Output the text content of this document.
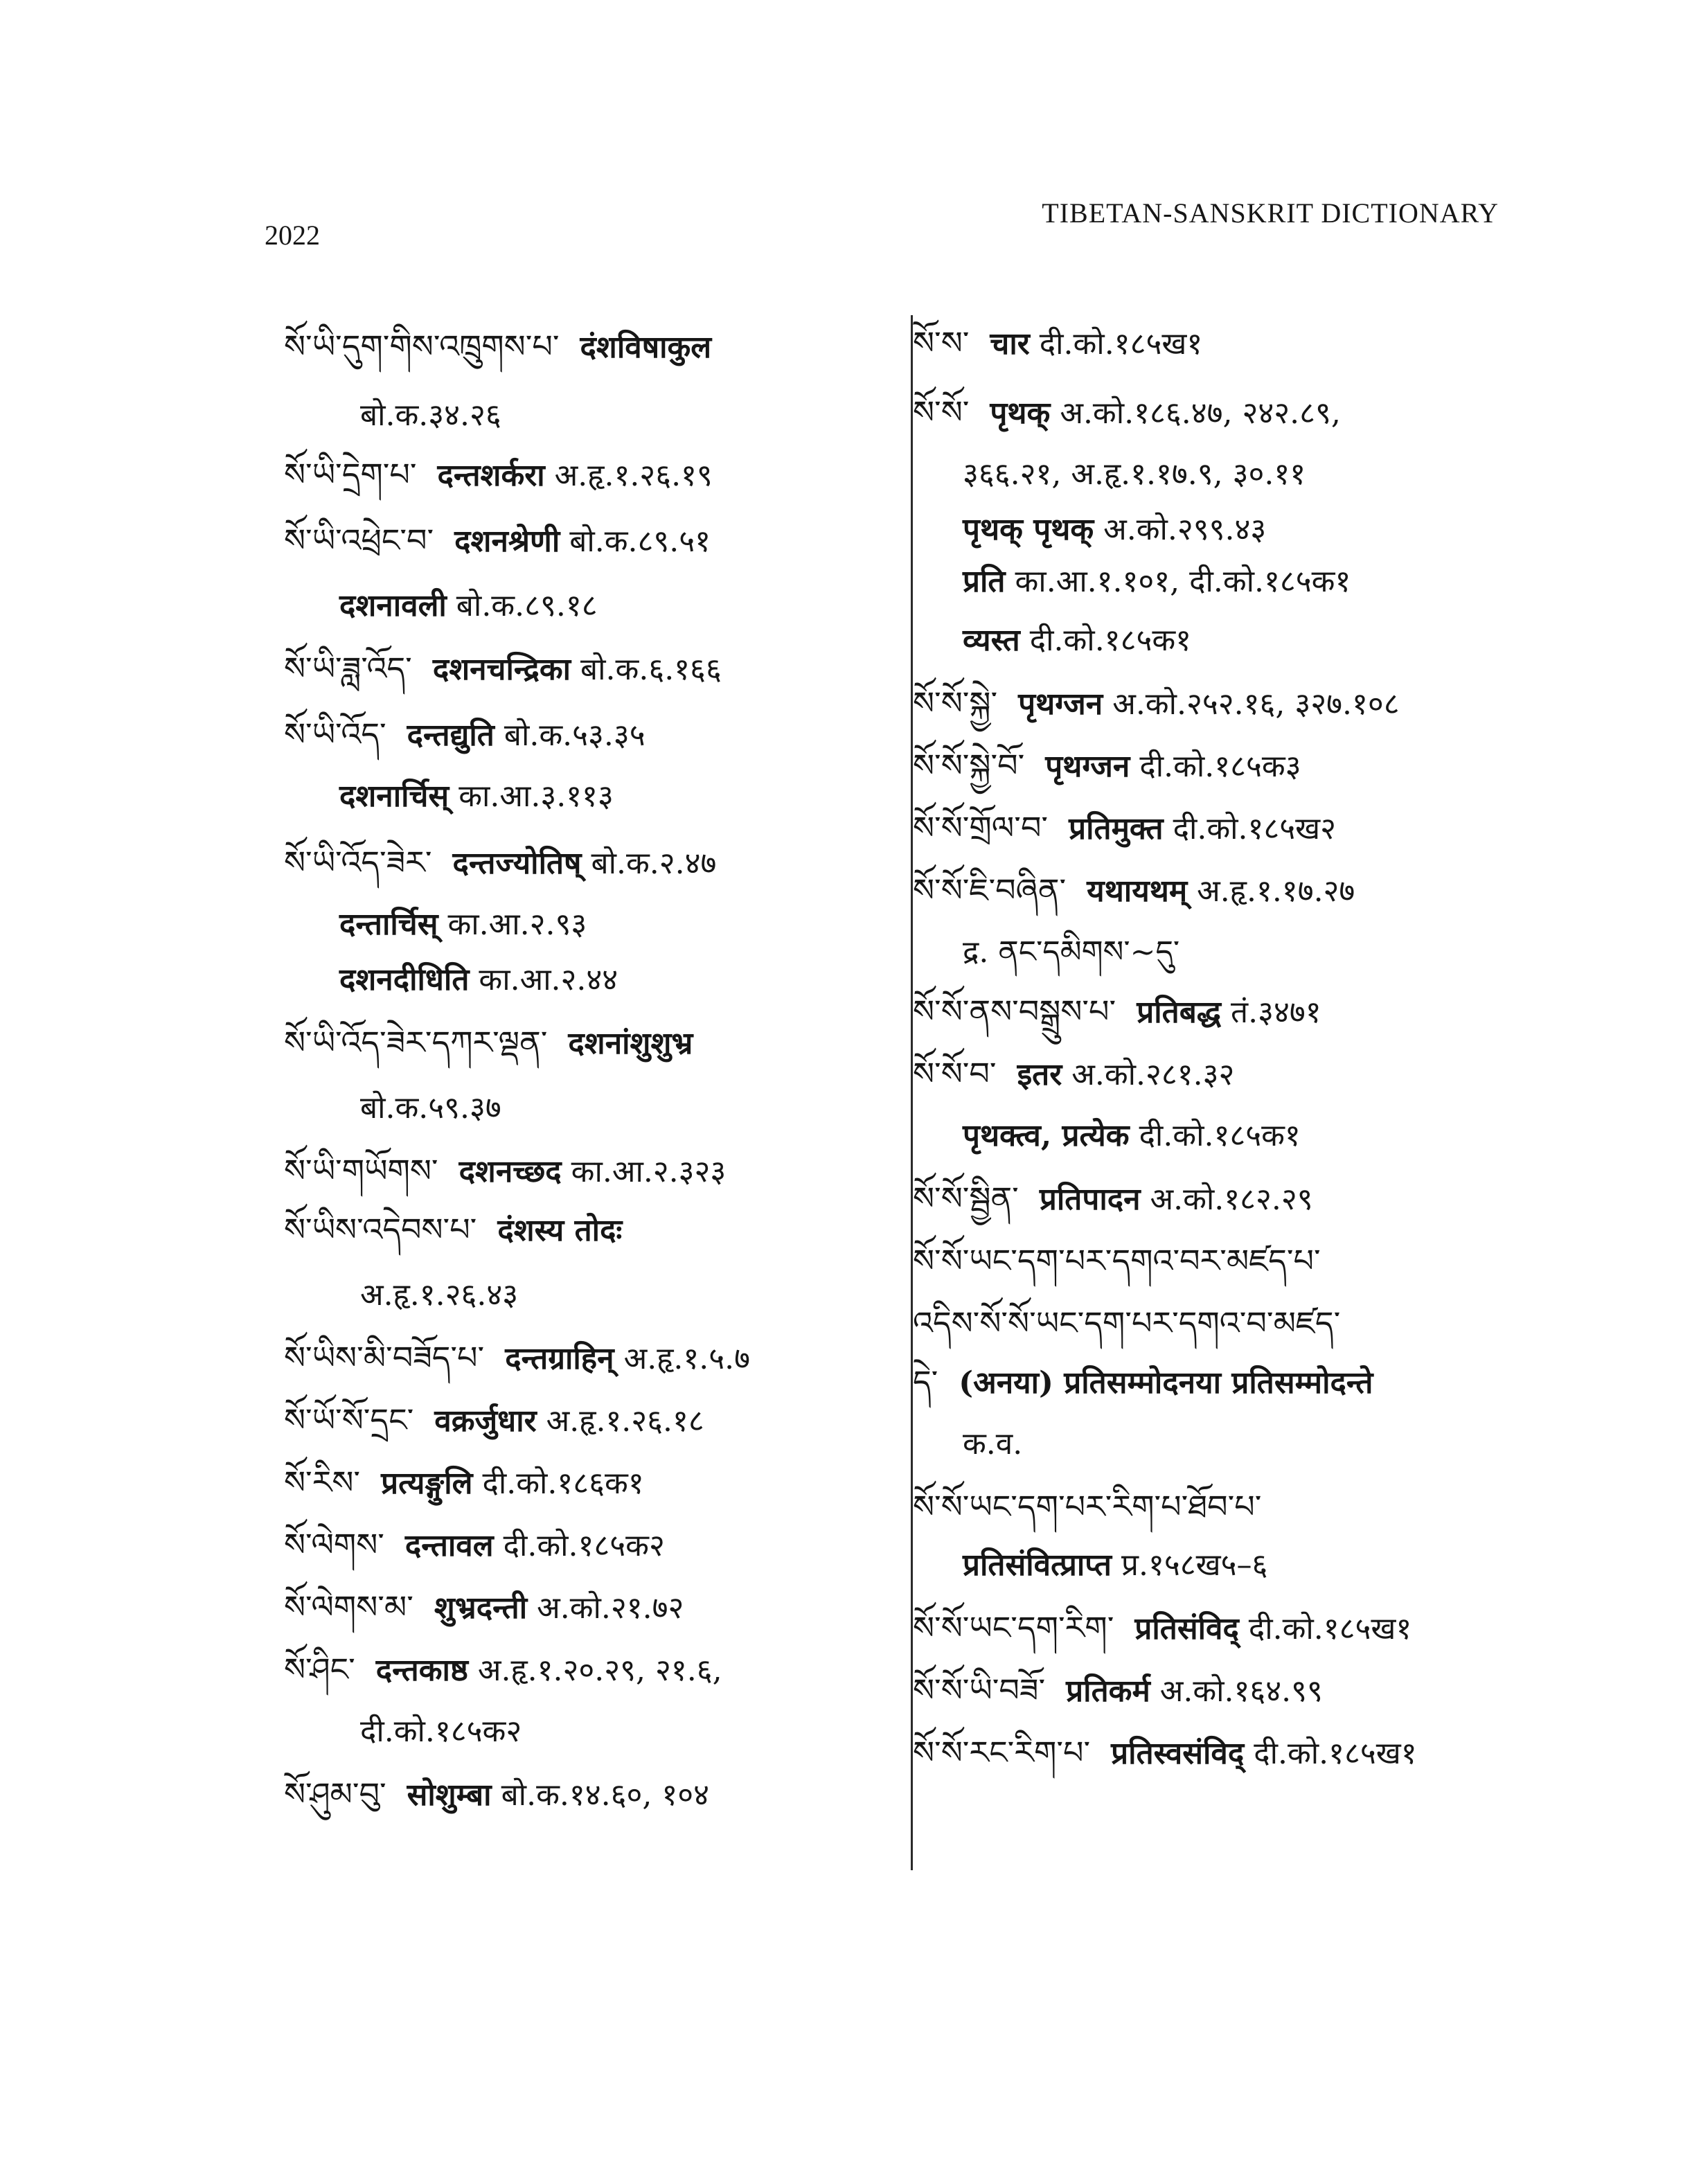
2022
TIBETAN-SANSKRIT DICTIONARY
སོ་ཡི་དུག་གིས་འཁྲུགས་པ་ दंशविषाकुल
बो.क.३४.२६
སོ་ཡི་དྲེག་པ་ दन्तशर्करा अ.हृ.१.२६.१९
སོ་ཡི་འཕྲེང་བ་ दशनश्रेणी बो.क.८९.५१
दशनावली बो.क.८९.१८
སོ་ཡི་ཟླ་འོད་ दशनचन्द्रिका बो.क.६.१६६
སོ་ཡི་འོད་ दन्तद्युति बो.क.५३.३५
दशनार्चिस् का.आ.३.११३
སོ་ཡི་འོད་ཟེར་ दन्तज्योतिष् बो.क.२.४७
दन्तार्चिस् का.आ.२.९३
दशनदीधिति का.आ.२.४४
སོ་ཡི་འོད་ཟེར་དཀར་ལྡན་ दशनांशुशुभ्र
बो.क.५९.३७
སོ་ཡི་གཡོགས་ दशनच्छद का.आ.२.३२३
སོ་ཡིས་འདེབས་པ་ दंशस्य तोदः
अ.हृ.१.२६.४३
སོ་ཡིས་མི་བཟོད་པ་ दन्तग्राहिन् अ.हृ.१.५.७
སོ་ཡོ་སོ་དྲང་ वक्रर्जुधार अ.हृ.१.२६.१८
སོ་རིས་ प्रत्यङ्गुलि दी.को.१८६क१
སོ་ལེགས་ दन्तावल दी.को.१८५क२
སོ་ལེགས་མ་ शुभ्रदन्ती अ.को.२१.७२
སོ་ཤིང་ दन्तकाष्ठ अ.हृ.१.२०.२९, २१.६,
दी.को.१८५क२
སོ་ཤུམ་བུ་ सोशुम्बा बो.क.१४.६०, १०४
སོ་ས་ चार दी.को.१८५ख१
སོ་སོ་ पृथक् अ.को.१८६.४७, २४२.८९,
३६६.२१, अ.हृ.१.१७.९, ३०.११
पृथक् पृथक् अ.को.२९९.४३
प्रति का.आ.१.१०१, दी.को.१८५क१
व्यस्त दी.को.१८५क१
སོ་སོ་སྐྱེ་ पृथग्जन अ.को.२५२.१६, ३२७.१०८
སོ་སོ་སྐྱེ་བོ་ पृथग्जन दी.को.१८५क३
སོ་སོ་གྲོལ་བ་ प्रतिमुक्त दी.को.१८५ख२
སོ་སོ་ཇི་བཞིན་ यथायथम् अ.हृ.१.१७.२७
द्र. ནང་དམིགས་~དུ་
སོ་སོ་ནས་བསྒྲུས་པ་ प्रतिबद्ध तं.३४७१
སོ་སོ་བ་ इतर अ.को.२८१.३२
पृथक्त्व, प्रत्येक दी.को.१८५क१
སོ་སོ་སྦྱིན་ प्रतिपादन अ.को.१८२.२९
སོ་སོ་ཡང་དག་པར་དགའ་བར་མཛད་པ་
འདིས་སོ་སོ་ཡང་དག་པར་དགའ་བ་མཛད་
དེ་ (अनया) प्रतिसम्मोदनया प्रतिसम्मोदन्ते
क.व.
སོ་སོ་ཡང་དག་པར་རིག་པ་ཐོབ་པ་
प्रतिसंवित्प्राप्त प्र.१५८ख५–६
སོ་སོ་ཡང་དག་རིག་ प्रतिसंविद् दी.को.१८५ख१
སོ་སོ་ཡི་བཟོ་ प्रतिकर्म अ.को.१६४.९९
སོ་སོ་རང་རིག་པ་ प्रतिस्वसंविद् दी.को.१८५ख१
